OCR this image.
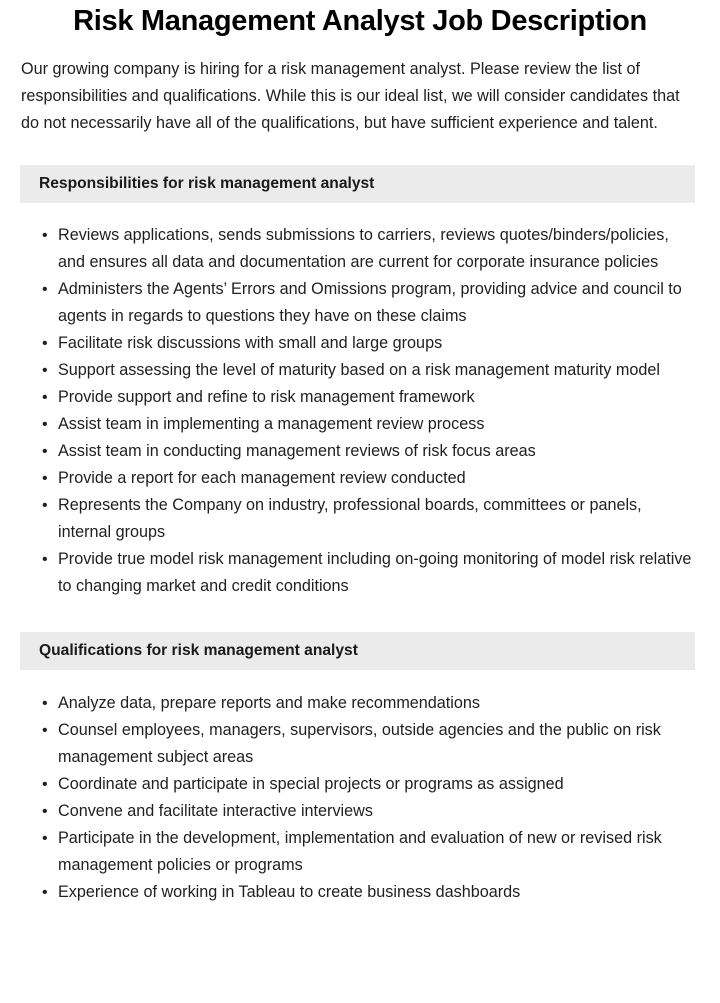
Risk Management Analyst Job Description

Our growing company is hiring for a risk management analyst. Please review the list of responsibilities and qualifications. While this is our ideal list, we will consider candidates that do not necessarily have all of the qualifications, but have sufficient experience and talent.

Responsibilities for risk management analyst
• Reviews applications, sends submissions to carriers, reviews quotes/binders/policies, and ensures all data and documentation are current for corporate insurance policies
• Administers the Agents’ Errors and Omissions program, providing advice and council to agents in regards to questions they have on these claims
• Facilitate risk discussions with small and large groups
• Support assessing the level of maturity based on a risk management maturity model
• Provide support and refine to risk management framework
• Assist team in implementing a management review process
• Assist team in conducting management reviews of risk focus areas
• Provide a report for each management review conducted
• Represents the Company on industry, professional boards, committees or panels, internal groups
• Provide true model risk management including on-going monitoring of model risk relative to changing market and credit conditions
Qualifications for risk management analyst
• Analyze data, prepare reports and make recommendations
• Counsel employees, managers, supervisors, outside agencies and the public on risk management subject areas
• Coordinate and participate in special projects or programs as assigned
• Convene and facilitate interactive interviews
• Participate in the development, implementation and evaluation of new or revised risk management policies or programs
• Experience of working in Tableau to create business dashboards
